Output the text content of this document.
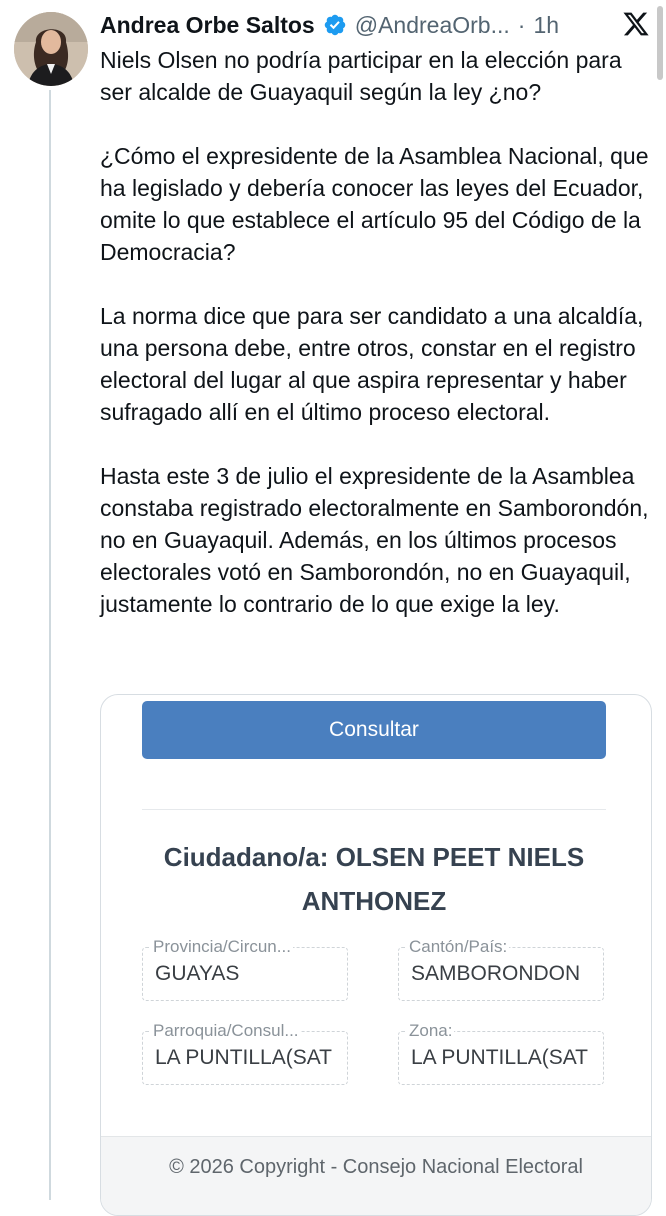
Andrea Orbe Saltos @AndreaOrb... · 1h

Niels Olsen no podría participar en la elección para ser alcalde de Guayaquil según la ley ¿no?

¿Cómo el expresidente de la Asamblea Nacional, que ha legislado y debería conocer las leyes del Ecuador, omite lo que establece el artículo 95 del Código de la Democracia?

La norma dice que para ser candidato a una alcaldía, una persona debe, entre otros, constar en el registro electoral del lugar al que aspira representar y haber sufragado allí en el último proceso electoral.

Hasta este 3 de julio el expresidente de la Asamblea constaba registrado electoralmente en Samborondón, no en Guayaquil. Además, en los últimos procesos electorales votó en Samborondón, no en Guayaquil, justamente lo contrario de lo que exige la ley.

Consultar
Ciudadano/a: OLSEN PEET NIELS ANTHONEZ
Provincia/Circun...
GUAYAS
Cantón/País:
SAMBORONDON
Parroquia/Consul...
LA PUNTILLA(SAT
Zona:
LA PUNTILLA(SAT
© 2026 Copyright - Consejo Nacional Electoral
